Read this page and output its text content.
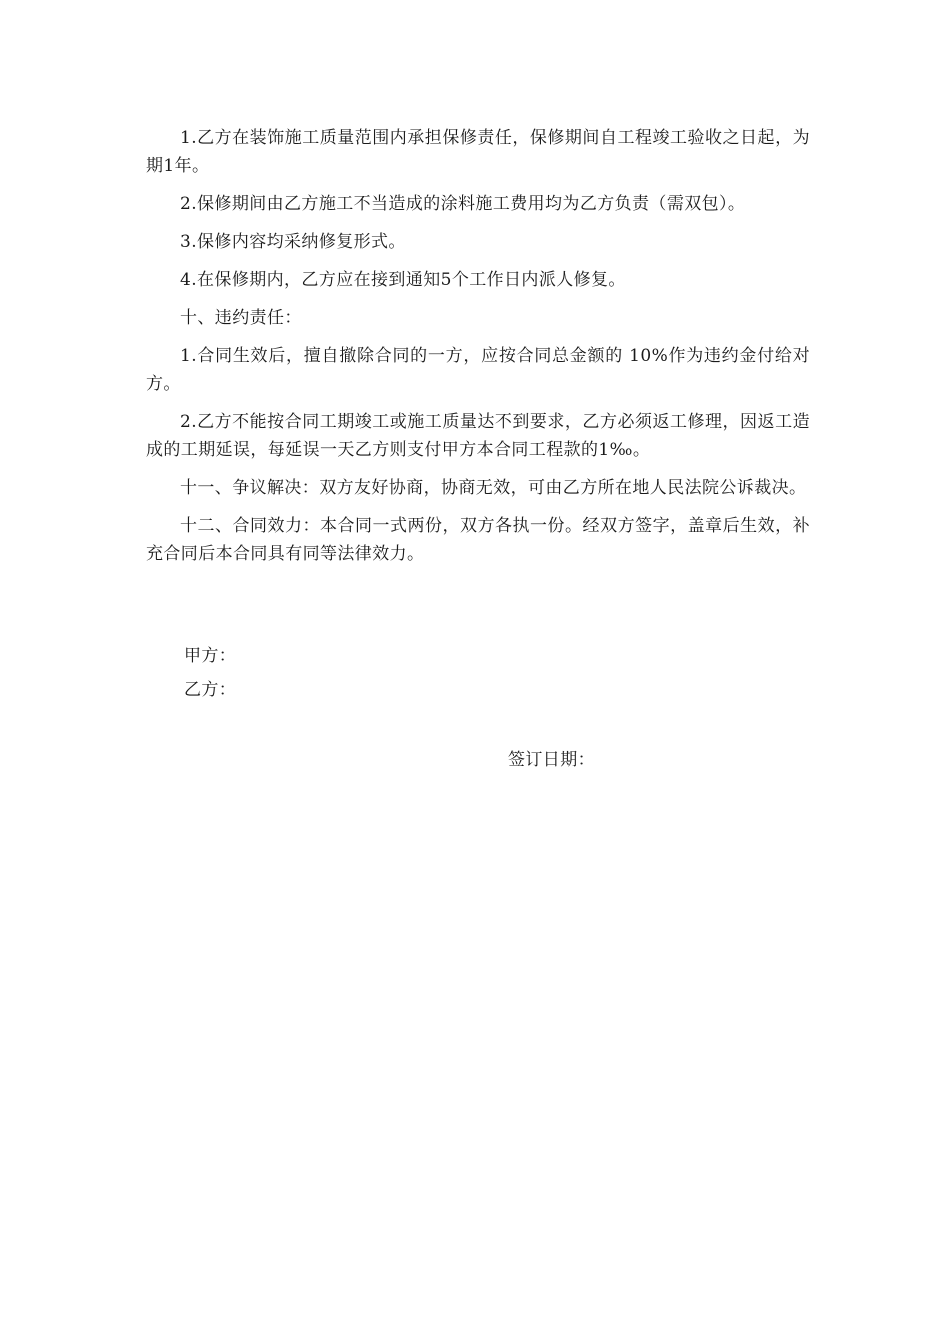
1.乙方在装饰施工质量范围内承担保修责任，保修期间自工程竣工验收之日起，为期1年。

2.保修期间由乙方施工不当造成的涂料施工费用均为乙方负责（需双包）。

3.保修内容均采纳修复形式。

4.在保修期内，乙方应在接到通知5个工作日内派人修复。

十、违约责任：

1.合同生效后，擅自撤除合同的一方，应按合同总金额的 10%作为违约金付给对方。

2.乙方不能按合同工期竣工或施工质量达不到要求，乙方必须返工修理，因返工造成的工期延误，每延误一天乙方则支付甲方本合同工程款的1‰。

十一、争议解决：双方友好协商，协商无效，可由乙方所在地人民法院公诉裁决。

十二、合同效力：本合同一式两份，双方各执一份。经双方签字，盖章后生效，补充合同后本合同具有同等法律效力。

甲方：
乙方：
签订日期：
